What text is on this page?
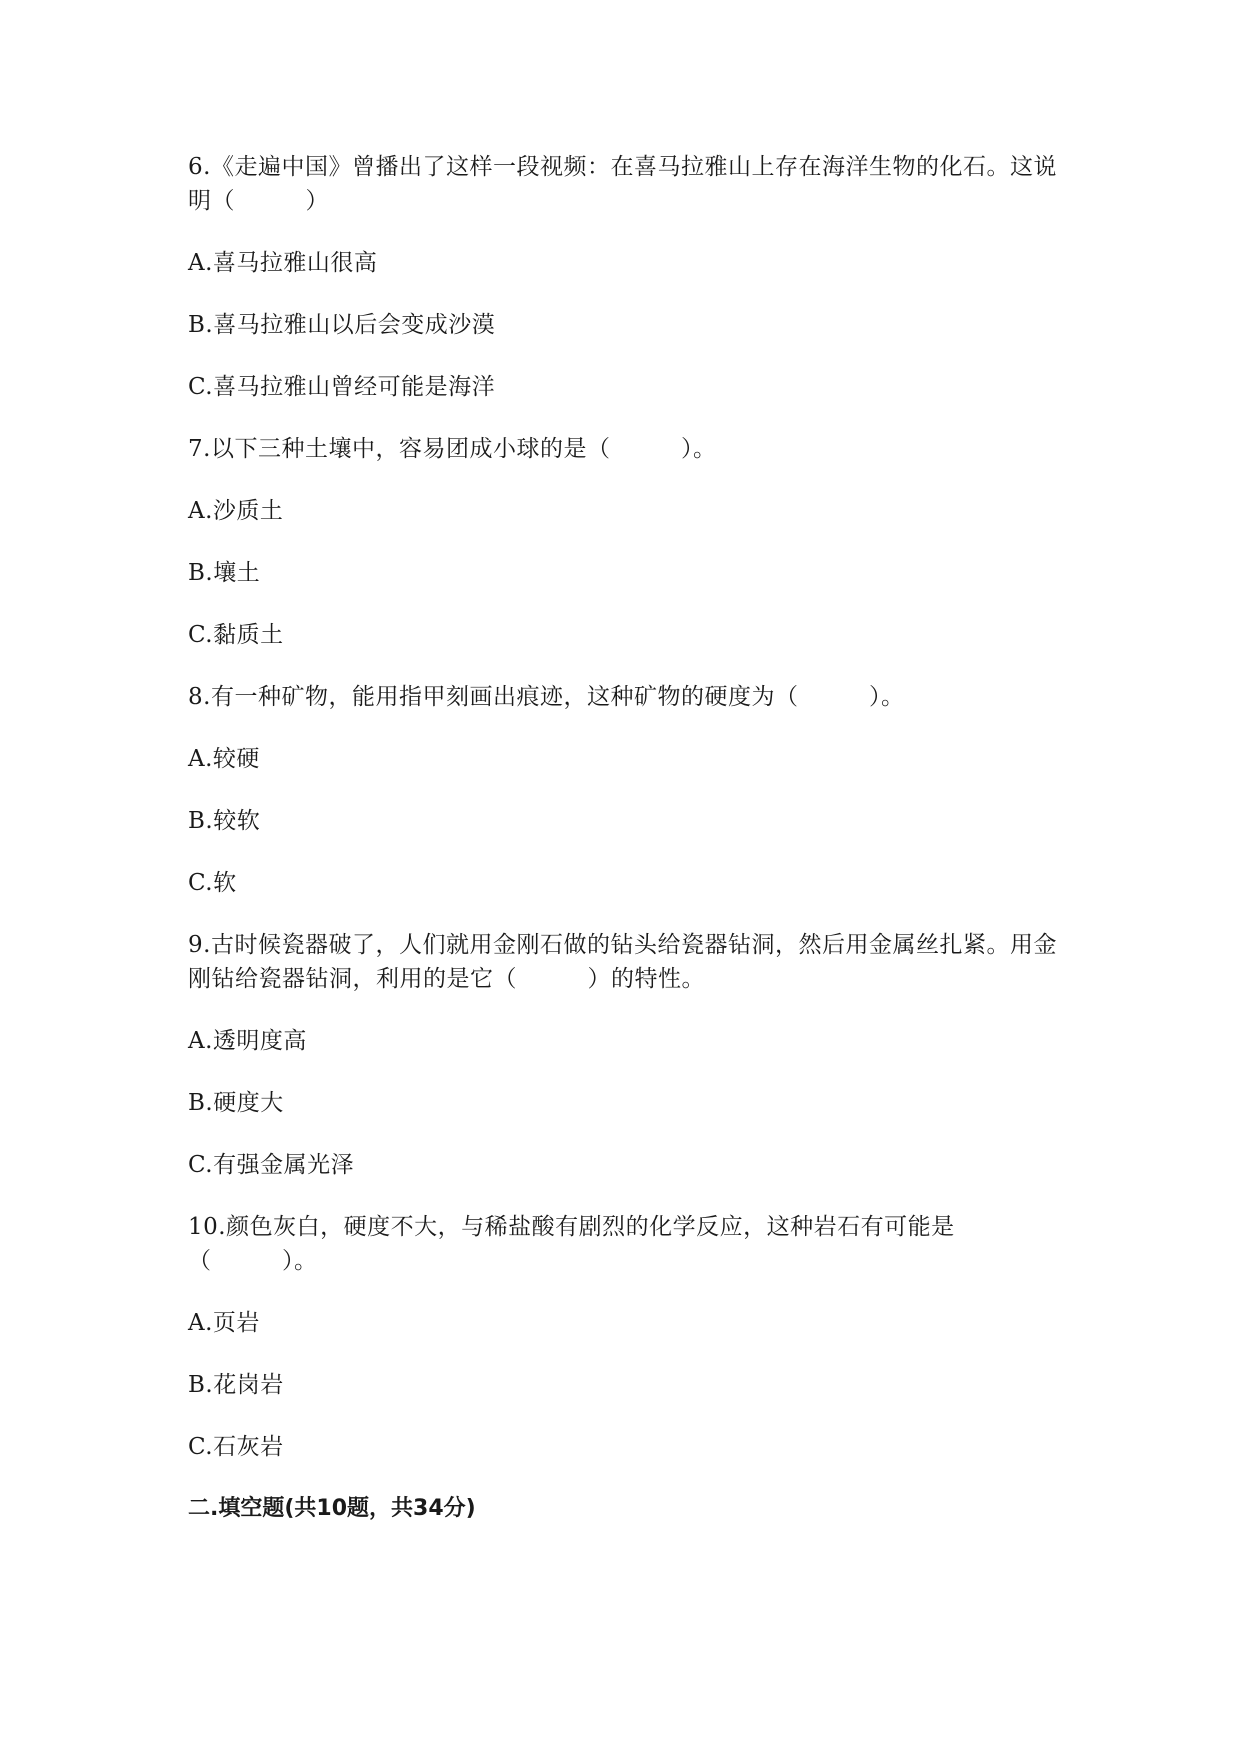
6.《走遍中国》曾播出了这样一段视频：在喜马拉雅山上存在海洋生物的化石。这说明（　　　）

A.喜马拉雅山很高

B.喜马拉雅山以后会变成沙漠

C.喜马拉雅山曾经可能是海洋

7.以下三种土壤中，容易团成小球的是（　　　）。

A.沙质土

B.壤土

C.黏质土

8.有一种矿物，能用指甲刻画出痕迹，这种矿物的硬度为（　　　）。

A.较硬

B.较软

C.软

9.古时候瓷器破了，人们就用金刚石做的钻头给瓷器钻洞，然后用金属丝扎紧。用金刚钻给瓷器钻洞，利用的是它（　　　）的特性。

A.透明度高

B.硬度大

C.有强金属光泽

10.颜色灰白，硬度不大，与稀盐酸有剧烈的化学反应，这种岩石有可能是（　　　）。

A.页岩

B.花岗岩

C.石灰岩

二.填空题(共10题，共34分)
